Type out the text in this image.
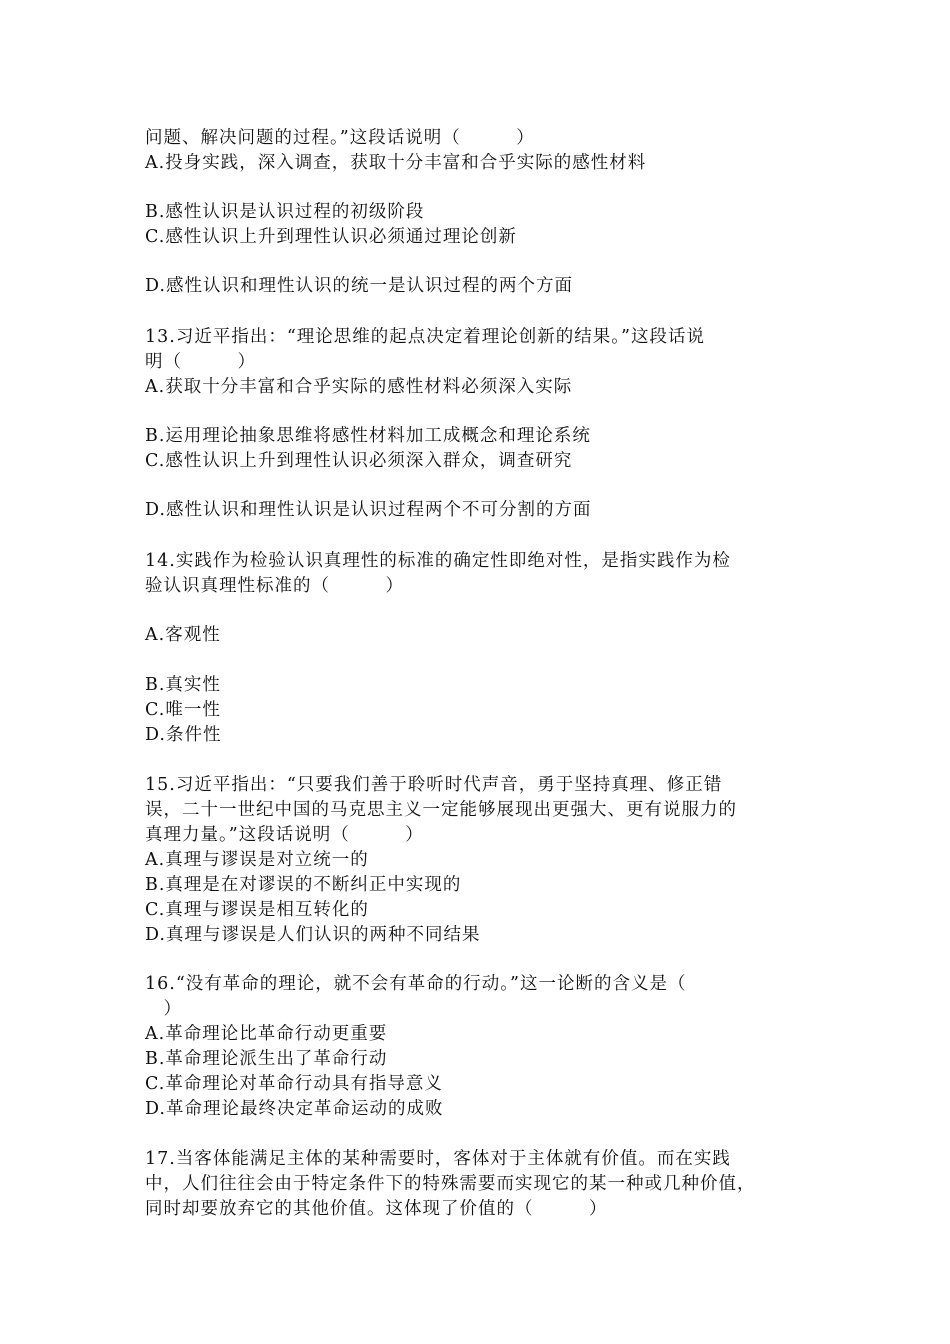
问题、解决问题的过程。”这段话说明（　　　）
A.投身实践，深入调查，获取十分丰富和合乎实际的感性材料
B.感性认识是认识过程的初级阶段
C.感性认识上升到理性认识必须通过理论创新
D.感性认识和理性认识的统一是认识过程的两个方面
13.习近平指出：“理论思维的起点决定着理论创新的结果。”这段话说
明（　　　）
A.获取十分丰富和合乎实际的感性材料必须深入实际
B.运用理论抽象思维将感性材料加工成概念和理论系统
C.感性认识上升到理性认识必须深入群众，调查研究
D.感性认识和理性认识是认识过程两个不可分割的方面
14.实践作为检验认识真理性的标准的确定性即绝对性，是指实践作为检
验认识真理性标准的（　　　）
A.客观性
B.真实性
C.唯一性
D.条件性
15.习近平指出：“只要我们善于聆听时代声音，勇于坚持真理、修正错
误，二十一世纪中国的马克思主义一定能够展现出更强大、更有说服力的
真理力量。”这段话说明（　　　）
A.真理与谬误是对立统一的
B.真理是在对谬误的不断纠正中实现的
C.真理与谬误是相互转化的
D.真理与谬误是人们认识的两种不同结果
16.“没有革命的理论，就不会有革命的行动。”这一论断的含义是（
　）
A.革命理论比革命行动更重要
B.革命理论派生出了革命行动
C.革命理论对革命行动具有指导意义
D.革命理论最终决定革命运动的成败
17.当客体能满足主体的某种需要时，客体对于主体就有价值。而在实践
中，人们往往会由于特定条件下的特殊需要而实现它的某一种或几种价值，
同时却要放弃它的其他价值。这体现了价值的（　　　）
